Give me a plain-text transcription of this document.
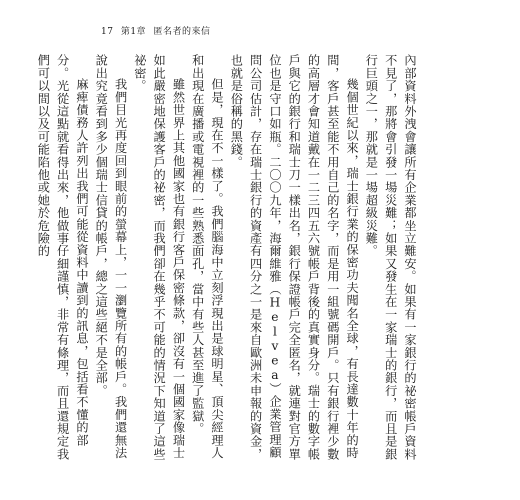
17 第1章 匿名者的來信

內部資料外洩會讓所有企業都坐立難安。如果有一家銀行的祕密帳戶資料不見了，那將會引發一場災難；如果又發生在一家瑞士的銀行，而且是銀行巨頭之一，那就是一場超級災難。

幾個世紀以來，瑞士銀行業的保密功夫聞名全球，有長達數十年的時間，客戶甚至能不用自己的名字，而是用一組號碼開戶。只有銀行裡少數的高層才會知道戴在一二三四五六號帳戶背後的真實身分。瑞士的數字帳戶與它的銀行和瑞士刀一樣出名，銀行保證帳戶完全匿名，就連對官方單位也是守口如瓶。二〇〇九年，海爾維雅（Helvea）企業管理顧問公司估計，存在瑞士銀行的資產有四分之一是來自歐洲未申報的資金，也就是俗稱的黑錢。

但是，現在不一樣了。我們腦海中立刻浮現出是球明星、頂尖經理人和出現在廣播或電視裡的一些熟悉面孔，當中有些人甚至進了監獄。

雖然世界上其他國家也有銀行客戶保密條款，卻沒有一個國家像瑞士如此嚴密地保護客戶的祕密，而我們卻在幾乎不可能的情況下知道了這些祕密。

我們目光再度回到眼前的螢幕上，一一瀏覽所有的帳戶。我們還無法說出究竟看到多少個瑞士信貸的帳戶，總之這些絕不是全部。

麻痺債務人許列出我們可能從資料中讀到的訊息，包括看不懂的部分。光從這點就看得出來，他做事仔細謹慎，非常有條理，而且還規定我們可以間以及可能陷他或她於危險的
